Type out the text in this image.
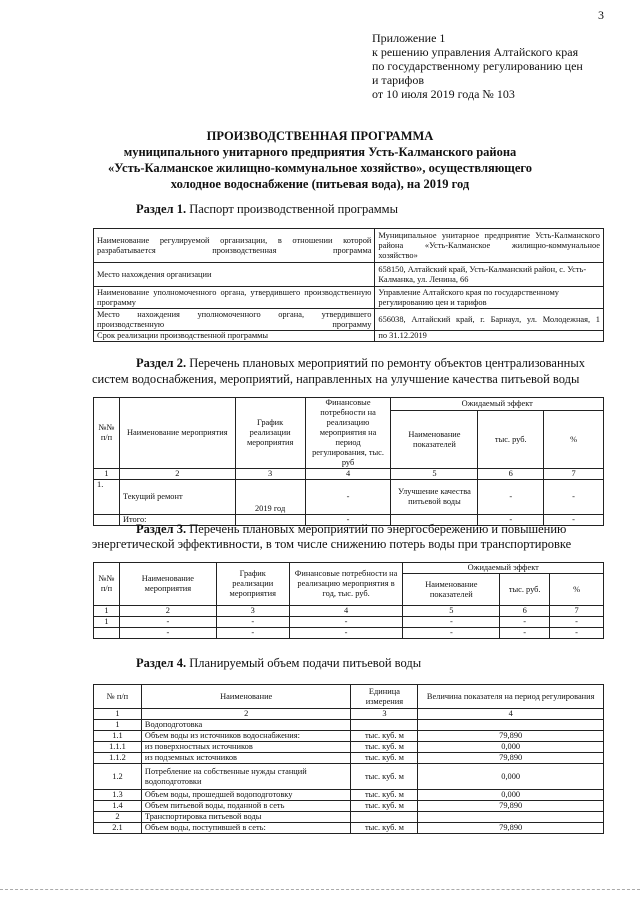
3
Приложение 1
к решению управления Алтайского края
по государственному регулированию цен
и тарифов
от 10 июля 2019 года № 103
ПРОИЗВОДСТВЕННАЯ ПРОГРАММА
муниципального унитарного предприятия Усть-Калманского района
«Усть-Калманское жилищно-коммунальное хозяйство», осуществляющего
холодное водоснабжение (питьевая вода), на 2019 год
Раздел 1. Паспорт производственной программы
Наименование регулируемой организации, в отношении которой разрабатывается производственная программа	Муниципальное унитарное предприятие Усть-Калманского района «Усть-Калманское жилищно-коммунальное хозяйство»
Место нахождения организации	658150, Алтайский край, Усть-Калманский район, с. Усть-Калманка, ул. Ленина, 66
Наименование уполномоченного органа, утвердившего производственную программу	Управление Алтайского края по государственному регулированию цен и тарифов
Место нахождения уполномоченного органа, утвердившего производственную программу	656038, Алтайский край, г. Барнаул, ул. Молодежная, 1
Срок реализации производственной программы	по 31.12.2019
Раздел 2. Перечень плановых мероприятий по ремонту объектов централизованных
систем водоснабжения, мероприятий, направленных на улучшение качества питьевой воды
№№ п/п	Наименование мероприятия	График реализации мероприятия	Финансовые потребности на реализацию мероприятия на период регулирования, тыс. руб	Ожидаемый эффект		
				Наименование показателей	тыс. руб.	%
1	2	3	4	5	6	7
1.	Текущий ремонт	2019 год	-	Улучшение качества питьевой воды	-	-
	Итого:		-		-	-
Раздел 3. Перечень плановых мероприятий по энергосбережению и повышению
энергетической эффективности, в том числе снижению потерь воды при транспортировке
№№ п/п	Наименование мероприятия	График реализации мероприятия	Финансовые потребности на реализацию мероприятия в год, тыс. руб.	Ожидаемый эффект		
				Наименование показателей	тыс. руб.	%
1	2	3	4	5	6	7
1	-	-	-	-	-	-
	-	-	-	-	-	-
Раздел 4. Планируемый объем подачи питьевой воды
№ п/п	Наименование	Единица измерения	Величина показателя на период регулирования
1	2	3	4
1	Водоподготовка		
1.1	Объем воды из источников водоснабжения:	тыс. куб. м	79,890
1.1.1	из поверхностных источников	тыс. куб. м	0,000
1.1.2	из подземных источников	тыс. куб. м	79,890
1.2	Потребление на собственные нужды станций водоподготовки	тыс. куб. м	0,000
1.3	Объем воды, прошедшей водоподготовку	тыс. куб. м	0,000
1.4	Объем питьевой воды, поданной в сеть	тыс. куб. м	79,890
2	Транспортировка питьевой воды		
2.1	Объем воды, поступившей в сеть:	тыс. куб. м	79,890
